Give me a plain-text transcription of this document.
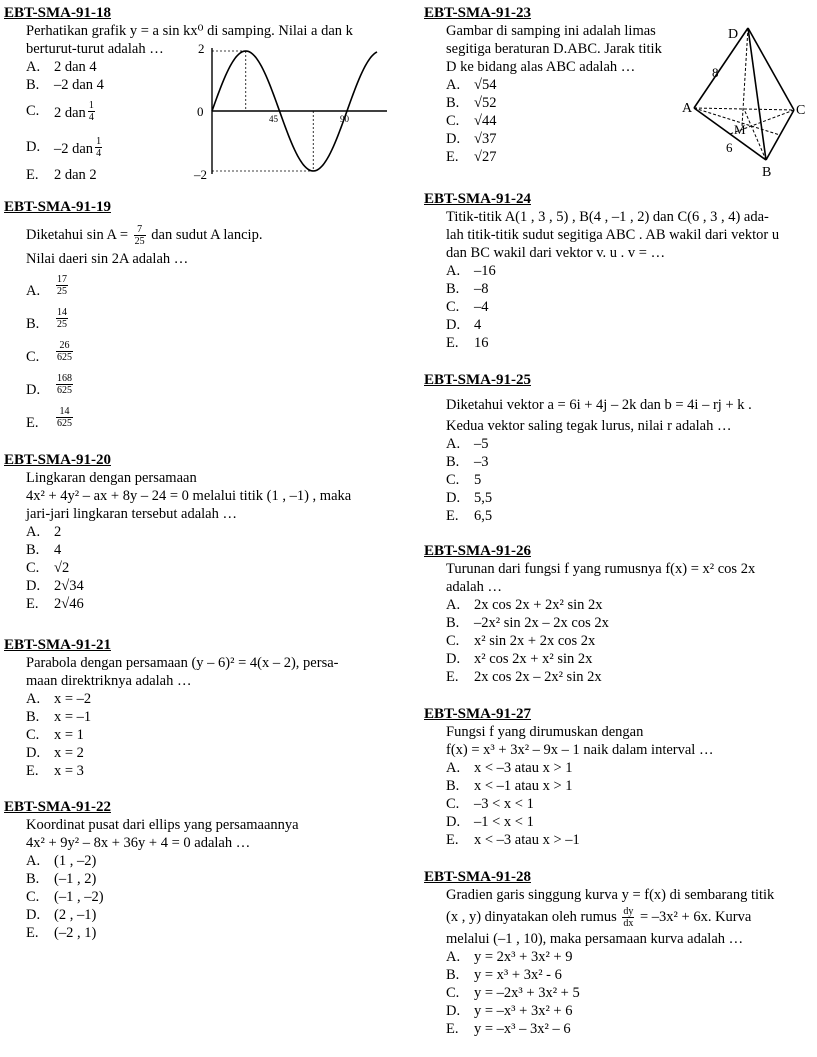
EBT-SMA-91-18
Perhatikan grafik y = a sin kx⁰ di samping. Nilai a dan k
berturut-turut adalah …
A. 2 dan 4
B. –2 dan 4
C. 2 dan $\frac{1}{4}$
D. –2 dan $\frac{1}{4}$
E. 2 dan 2
2
0
–2
45	90
EBT-SMA-91-19
Diketahui $\sin A = \frac{7}{25}$ dan sudut A lancip.
Nilai daeri sin 2A adalah …
A. $\frac{17}{25}$
B. $\frac{14}{25}$
C. $\frac{26}{625}$
D. $\frac{168}{625}$
E. $\frac{14}{625}$
EBT-SMA-91-20
Lingkaran dengan persamaan
4x² + 4y² – ax + 8y – 24 = 0 melalui titik (1 , –1) , maka
jari-jari lingkaran tersebut adalah …
A. 2
B. 4
C. √2
D. 2√34
E. 2√46
EBT-SMA-91-21
Parabola dengan persamaan (y – 6)² = 4(x – 2), persa-
maan direktriknya adalah …
A. x = –2
B. x = –1
C. x = 1
D. x = 2
E. x = 3
EBT-SMA-91-22
Koordinat pusat dari ellips yang persamaannya
4x² + 9y² – 8x + 36y + 4 = 0 adalah …
A. (1 , –2)
B. (–1 , 2)
C. (–1 , –2)
D. (2 , –1)
E. (–2 , 1)
EBT-SMA-91-23
Gambar di samping ini adalah limas
segitiga beraturan D.ABC. Jarak titik
D ke bidang alas ABC adalah …
A. √54
B. √52
C. √44
D. √37
E. √27
D
A
B
C
M
8
6
EBT-SMA-91-24
Titik-titik A(1 , 3 , 5) , B(4 , –1 , 2) dan C(6 , 3 , 4) ada-
lah titik-titik sudut segitiga ABC . AB wakil dari vektor u
dan BC wakil dari vektor v. u . v = …
A. –16
B. –8
C. –4
D. 4
E. 16
EBT-SMA-91-25
Diketahui vektor a = 6i + 4j – 2k dan b = 4i – rj + k .
Kedua vektor saling tegak lurus, nilai r adalah …
A. –5
B. –3
C. 5
D. 5,5
E. 6,5
EBT-SMA-91-26
Turunan dari fungsi f yang rumusnya f(x) = x² cos 2x
adalah …
A. 2x cos 2x + 2x² sin 2x
B. –2x² sin 2x – 2x cos 2x
C. x² sin 2x + 2x cos 2x
D. x² cos 2x + x² sin 2x
E. 2x cos 2x – 2x² sin 2x
EBT-SMA-91-27
Fungsi f yang dirumuskan dengan
f(x) = x³ + 3x² – 9x – 1 naik dalam interval …
A. x < –3 atau x > 1
B. x < –1 atau x > 1
C. –3 < x < 1
D. –1 < x < 1
E. x < –3 atau x > –1
EBT-SMA-91-28
Gradien garis singgung kurva y = f(x) di sembarang titik
(x , y) dinyatakan oleh rumus $\frac{dy}{dx} = -3x^2 + 6x$. Kurva
melalui (–1 , 10), maka persamaan kurva adalah …
A. y = 2x³ + 3x² + 9
B. y = x³ + 3x² - 6
C. y = –2x³ + 3x² + 5
D. y = –x³ + 3x² + 6
E. y = –x³ – 3x² – 6
